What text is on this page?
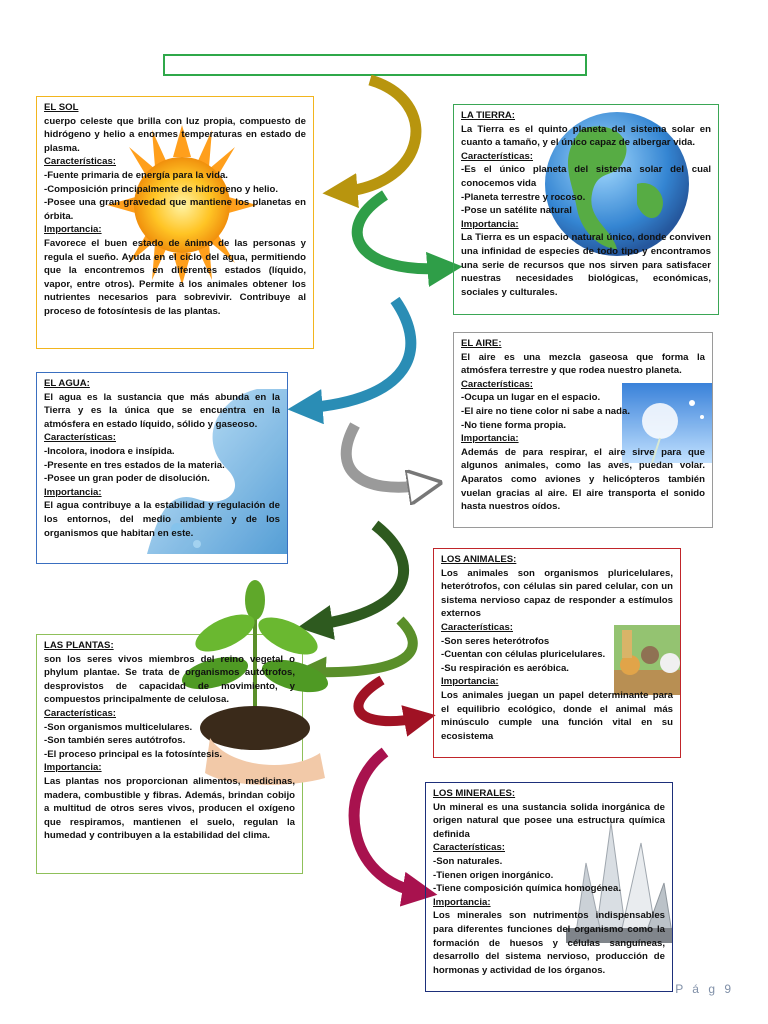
EL SOL

cuerpo celeste que brilla con luz propia, compuesto de hidrógeno y helio a enormes temperaturas en estado de plasma.

Características:

-Fuente primaria de energía para la vida.

-Composición principalmente de hidrogeno y helio.

-Posee una gran gravedad que mantiene los planetas en órbita.

Importancia:

Favorece el buen estado de ánimo de las personas y regula el sueño. Ayuda en el ciclo del agua, permitiendo que la encontremos en diferentes estados (líquido, vapor, entre otros). Permite a los animales obtener los nutrientes necesarios para sobrevivir. Contribuye al proceso de fotosíntesis de las plantas.

LA TIERRA:

La Tierra es el quinto planeta del sistema solar en cuanto a tamaño, y el único capaz de albergar vida.

Características:

-Es el único planeta del sistema solar del cual conocemos vida

-Planeta terrestre y rocoso.

-Pose un satélite natural

Importancia:

La Tierra es un espacio natural único, donde conviven una infinidad de especies de todo tipo y encontramos una serie de recursos que nos sirven para satisfacer nuestras necesidades biológicas, económicas, sociales y culturales.

EL AIRE:

El aire es una mezcla gaseosa que forma la atmósfera terrestre y que rodea nuestro planeta.

Características:

-Ocupa un lugar en el espacio.

-El aire no tiene color ni sabe a nada.

-No tiene forma propia.

Importancia:

Además de para respirar, el aire sirve para que algunos animales, como las aves, puedan volar. Aparatos como aviones y helicópteros también vuelan gracias al aire. El aire transporta el sonido hasta nuestros oídos.

EL AGUA:

El agua es la sustancia que más abunda en la Tierra y es la única que se encuentra en la atmósfera en estado líquido, sólido y gaseoso.

Características:

-Incolora, inodora e insípida.

-Presente en tres estados de la materia.

-Posee un gran poder de disolución.

Importancia:

El agua contribuye a la estabilidad y regulación de los entornos, del medio ambiente y de los organismos que habitan en este.

LOS ANIMALES:

Los animales son organismos pluricelulares, heterótrofos, con células sin pared celular, con un sistema nervioso capaz de responder a estímulos externos

Características:

-Son seres heterótrofos

-Cuentan con células pluricelulares.

-Su respiración es aeróbica.

Importancia:

Los animales juegan un papel determinante para el equilibrio ecológico, donde el animal más minúsculo cumple una función vital en su ecosistema

LAS PLANTAS:

son los seres vivos miembros del reino vegetal o phylum plantae. Se trata de organismos autótrofos, desprovistos de capacidad de movimiento, y compuestos principalmente de celulosa.

Características:

-Son organismos multicelulares.

-Son también seres autótrofos.

-El proceso principal es la fotosíntesis.

Importancia:

Las plantas nos proporcionan alimentos, medicinas, madera, combustible y fibras. Además, brindan cobijo a multitud de otros seres vivos, producen el oxígeno que respiramos, mantienen el suelo, regulan la humedad y contribuyen a la estabilidad del clima.

LOS MINERALES:

Un mineral es una sustancia solida inorgánica de origen natural que posee una estructura química definida

Características:

-Son naturales.

-Tienen origen inorgánico.

-Tiene composición química homogénea.

Importancia:

Los minerales son nutrimentos indispensables para diferentes funciones del organismo como la formación de huesos y células sanguíneas, desarrollo del sistema nervioso, producción de hormonas y actividad de los órganos.

P á g 9
